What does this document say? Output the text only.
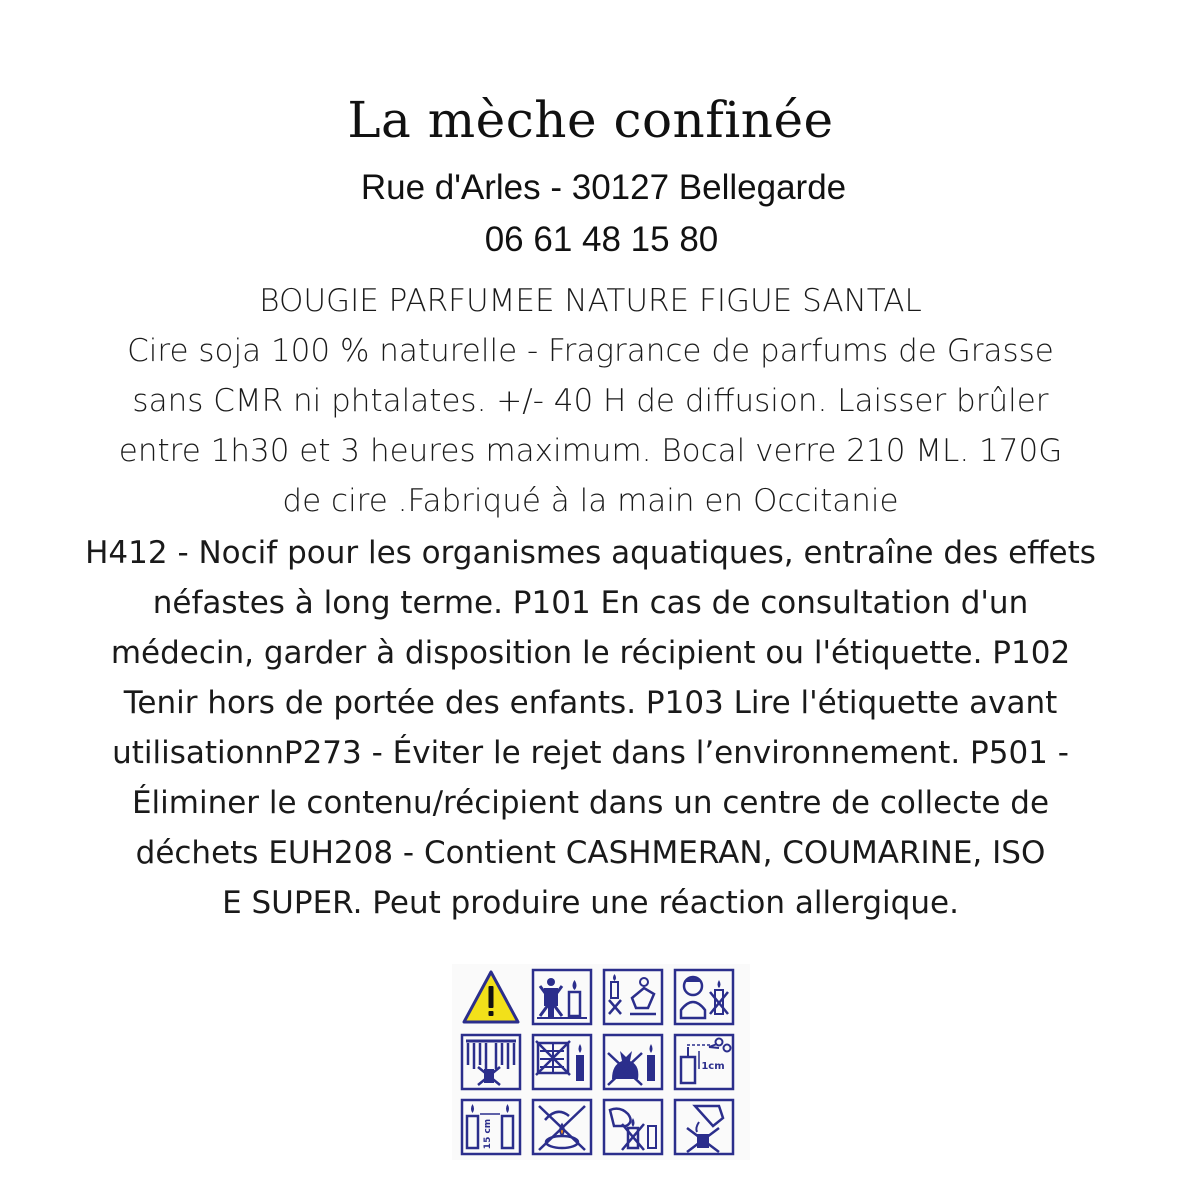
La mèche confinée
Rue d'Arles - 30127 Bellegarde
06 61 48 15 80

BOUGIE PARFUMEE NATURE FIGUE SANTAL

Cire soja 100 % naturelle - Fragrance de parfums de Grasse

sans CMR ni phtalates. +/- 40 H de diffusion. Laisser brûler

entre 1h30 et 3 heures maximum. Bocal verre 210 ML. 170G

de cire .Fabriqué à la main en Occitanie

H412 - Nocif pour les organismes aquatiques, entraîne des effets

néfastes à long terme. P101 En cas de consultation d'un

médecin, garder à disposition le récipient ou l'étiquette. P102

Tenir hors de portée des enfants. P103 Lire l'étiquette avant

utilisationnP273 - Éviter le rejet dans l’environnement. P501 -

Éliminer le contenu/récipient dans un centre de collecte de

déchets EUH208 - Contient CASHMERAN, COUMARINE, ISO

E SUPER. Peut produire une réaction allergique.

1cm
15 cm
